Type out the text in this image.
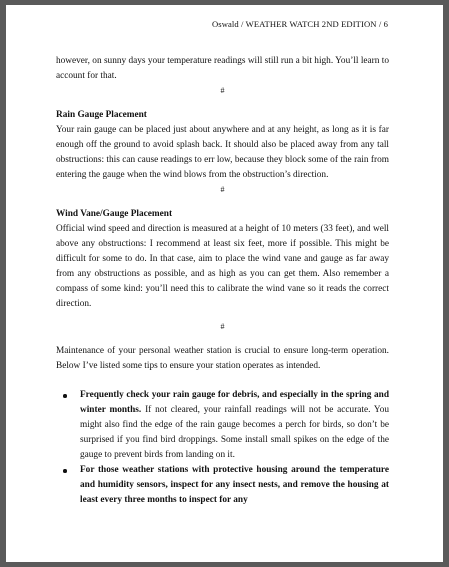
Oswald / WEATHER WATCH 2ND EDITION / 6

however, on sunny days your temperature readings will still run a bit high. You’ll learn to account for that.

#

Rain Gauge Placement

Your rain gauge can be placed just about anywhere and at any height, as long as it is far enough off the ground to avoid splash back. It should also be placed away from any tall obstructions: this can cause readings to err low, because they block some of the rain from entering the gauge when the wind blows from the obstruction’s direction.

#

Wind Vane/Gauge Placement

Official wind speed and direction is measured at a height of 10 meters (33 feet), and well above any obstructions: I recommend at least six feet, more if possible. This might be difficult for some to do. In that case, aim to place the wind vane and gauge as far away from any obstructions as possible, and as high as you can get them. Also remember a compass of some kind: you’ll need this to calibrate the wind vane so it reads the correct direction.

#

Maintenance of your personal weather station is crucial to ensure long-term operation. Below I’ve listed some tips to ensure your station operates as intended.

Frequently check your rain gauge for debris, and especially in the spring and winter months. If not cleared, your rainfall readings will not be accurate. You might also find the edge of the rain gauge becomes a perch for birds, so don’t be surprised if you find bird droppings. Some install small spikes on the edge of the gauge to prevent birds from landing on it.
For those weather stations with protective housing around the temperature and humidity sensors, inspect for any insect nests, and remove the housing at least every three months to inspect for any
